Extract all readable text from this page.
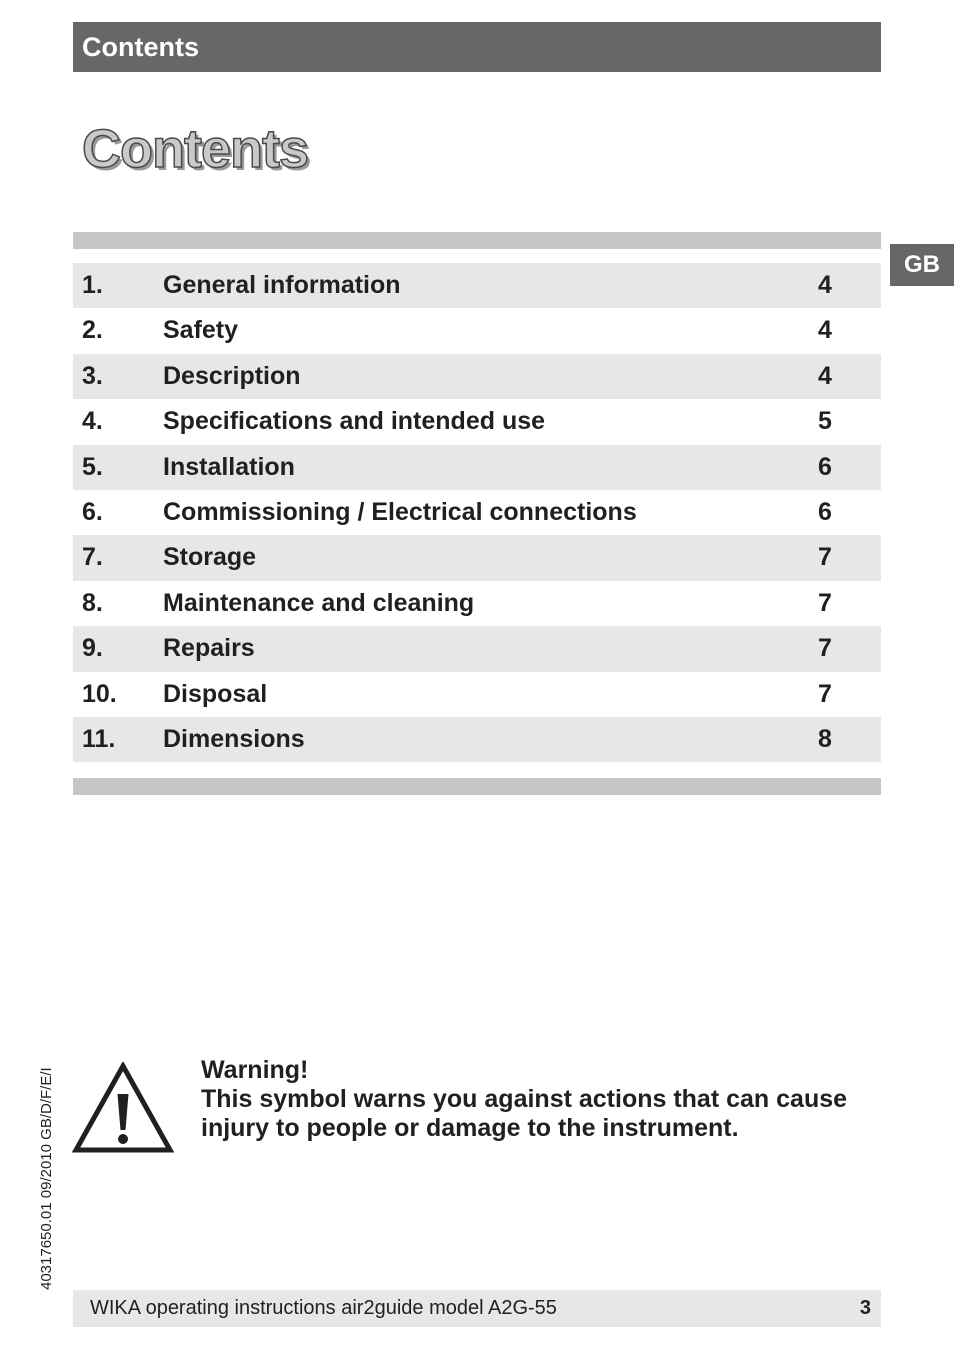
Contents
Contents
GB
1. General information	4
2. Safety	4
3. Description	4
4. Specifications and intended use	5
5. Installation	6
6. Commissioning / Electrical connections	6
7. Storage	7
8. Maintenance and cleaning	7
9. Repairs	7
10. Disposal	7
11. Dimensions	8
Warning!
This symbol warns you against actions that can cause injury to people or damage to the instrument.
40317650.01 09/2010 GB/D/F/E/I
WIKA operating instructions air2guide model A2G-55	3
